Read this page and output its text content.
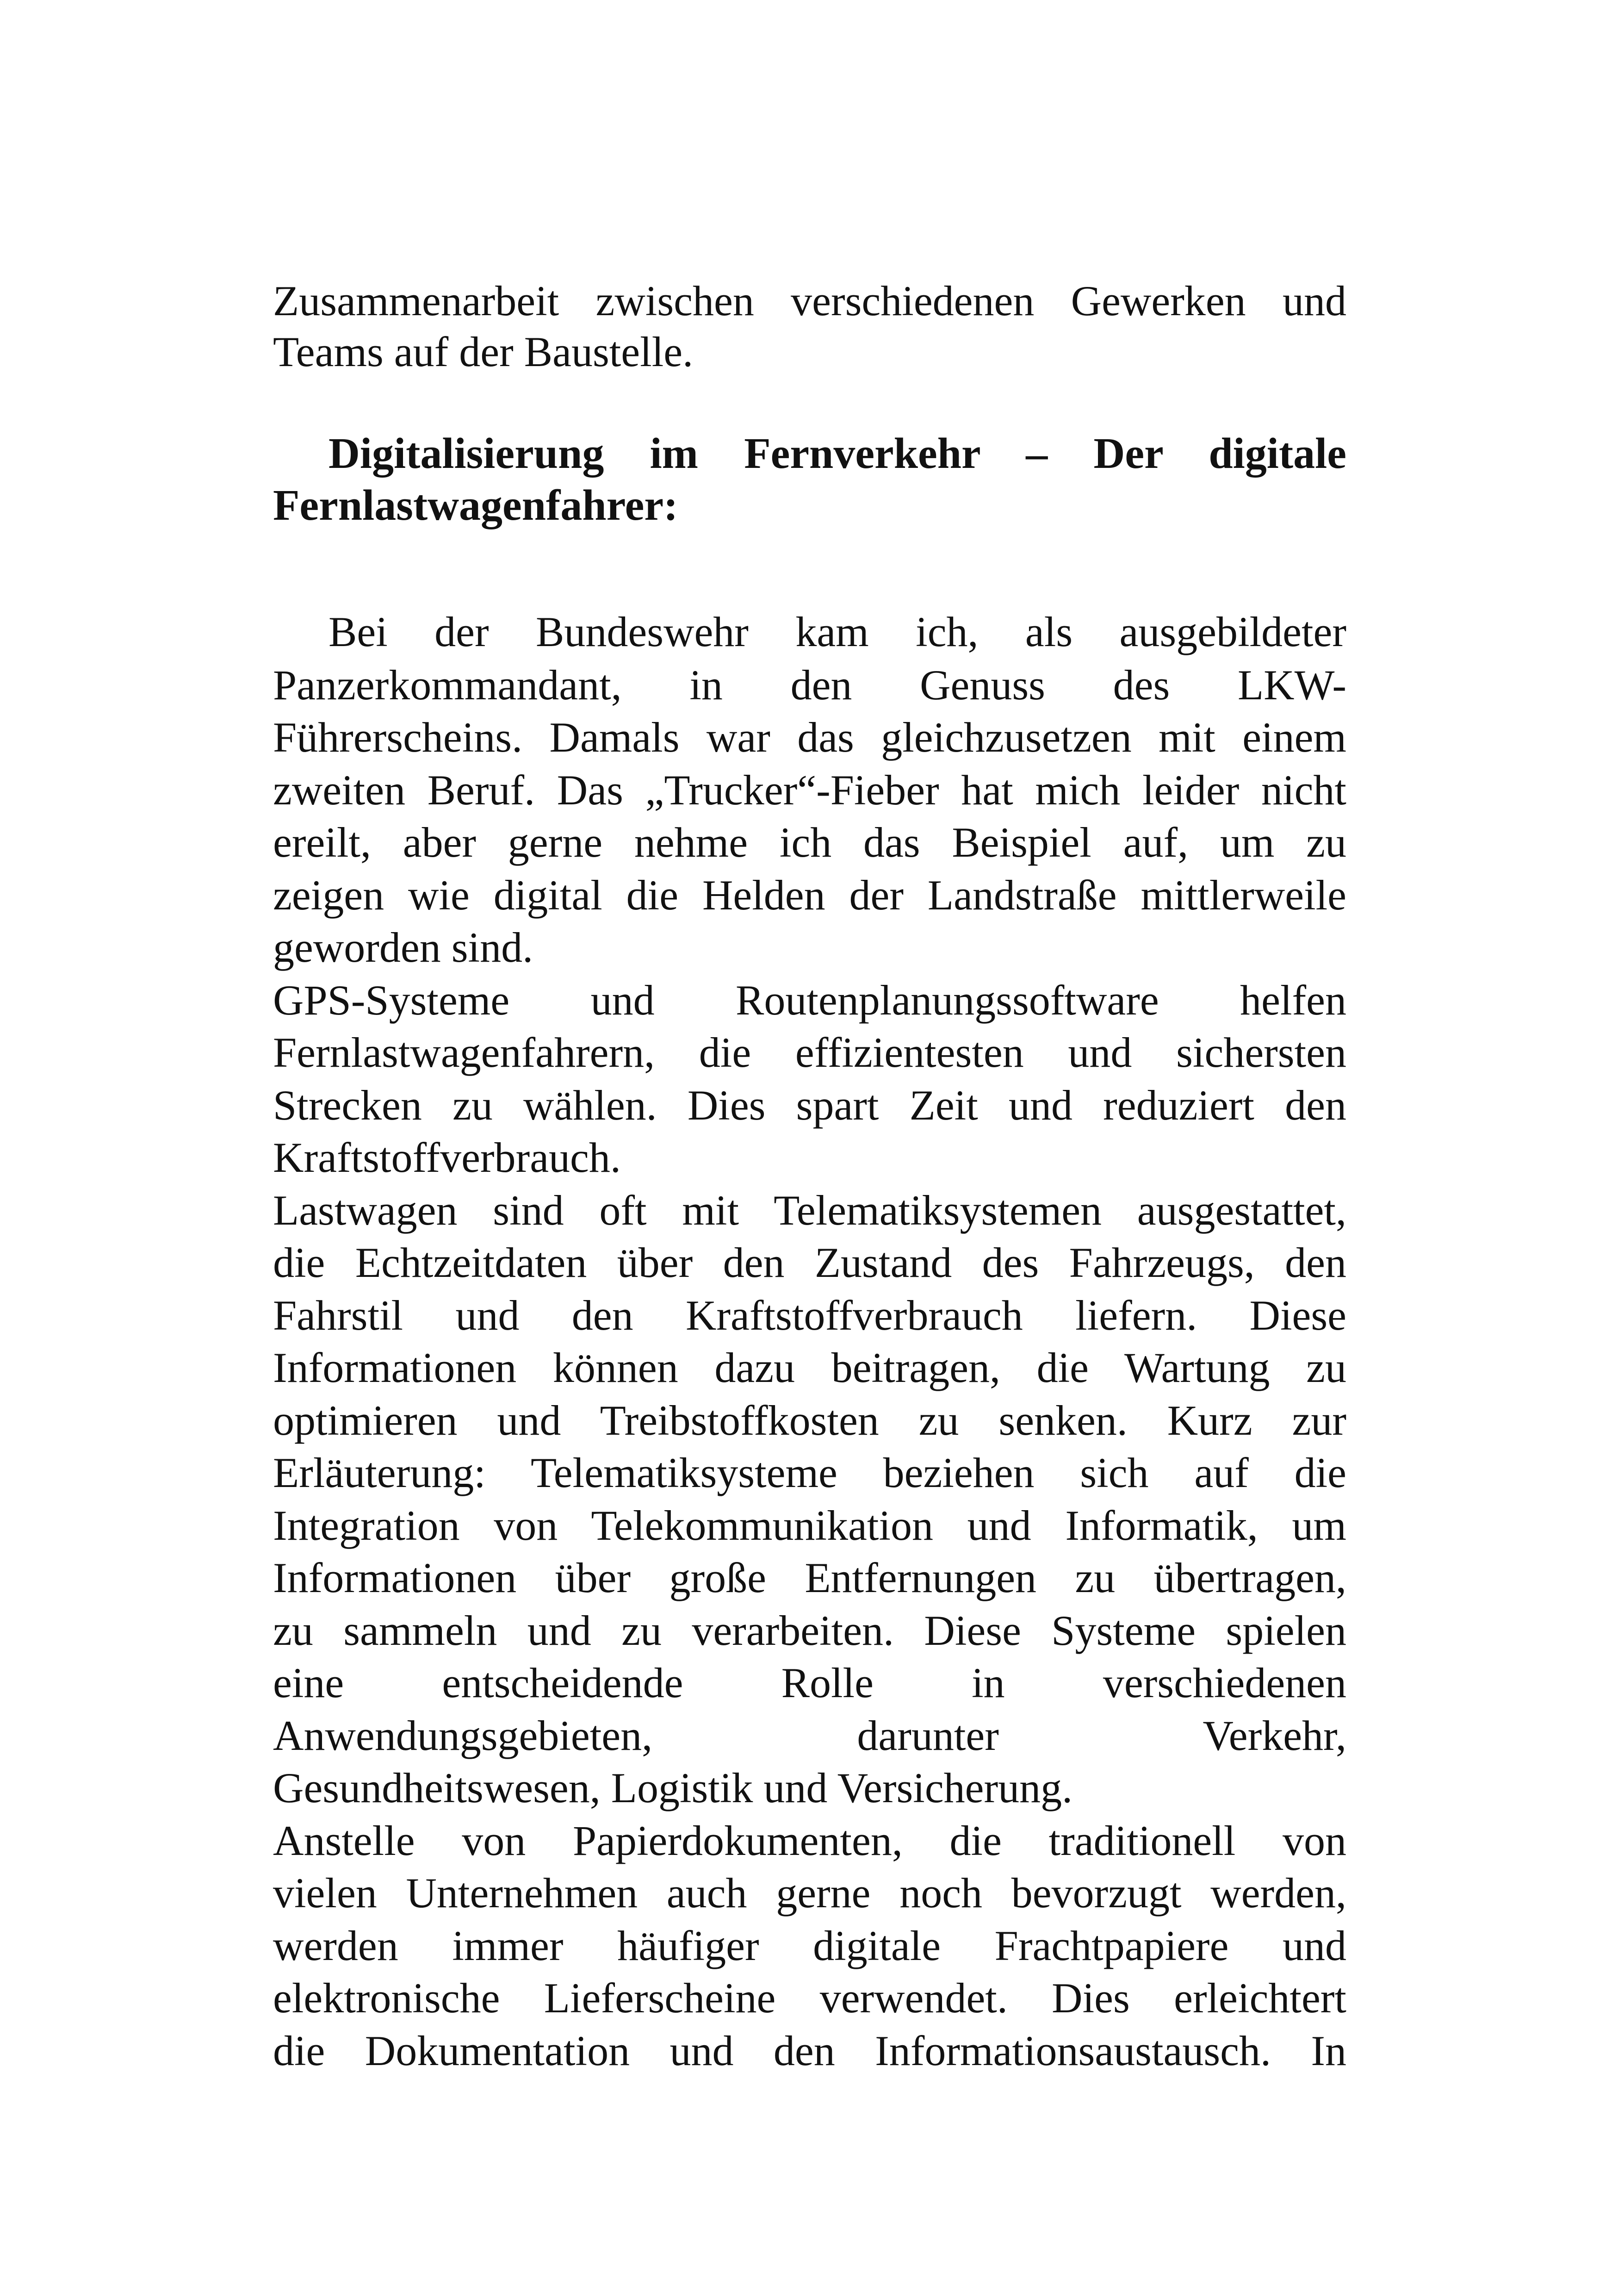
Zusammenarbeit zwischen verschiedenen Gewerken und
Teams auf der Baustelle.
Digitalisierung im Fernverkehr – Der digitale
Fernlastwagenfahrer:
Bei der Bundeswehr kam ich, als ausgebildeter
Panzerkommandant, in den Genuss des LKW-
Führerscheins. Damals war das gleichzusetzen mit einem
zweiten Beruf. Das „Trucker“-Fieber hat mich leider nicht
ereilt, aber gerne nehme ich das Beispiel auf, um zu
zeigen wie digital die Helden der Landstraße mittlerweile
geworden sind.
GPS-Systeme und Routenplanungssoftware helfen
Fernlastwagenfahrern, die effizientesten und sichersten
Strecken zu wählen. Dies spart Zeit und reduziert den
Kraftstoffverbrauch.
Lastwagen sind oft mit Telematiksystemen ausgestattet,
die Echtzeitdaten über den Zustand des Fahrzeugs, den
Fahrstil und den Kraftstoffverbrauch liefern. Diese
Informationen können dazu beitragen, die Wartung zu
optimieren und Treibstoffkosten zu senken. Kurz zur
Erläuterung: Telematiksysteme beziehen sich auf die
Integration von Telekommunikation und Informatik, um
Informationen über große Entfernungen zu übertragen,
zu sammeln und zu verarbeiten. Diese Systeme spielen
eine entscheidende Rolle in verschiedenen
Anwendungsgebieten, darunter Verkehr,
Gesundheitswesen, Logistik und Versicherung.
Anstelle von Papierdokumenten, die traditionell von
vielen Unternehmen auch gerne noch bevorzugt werden,
werden immer häufiger digitale Frachtpapiere und
elektronische Lieferscheine verwendet. Dies erleichtert
die Dokumentation und den Informationsaustausch. In
